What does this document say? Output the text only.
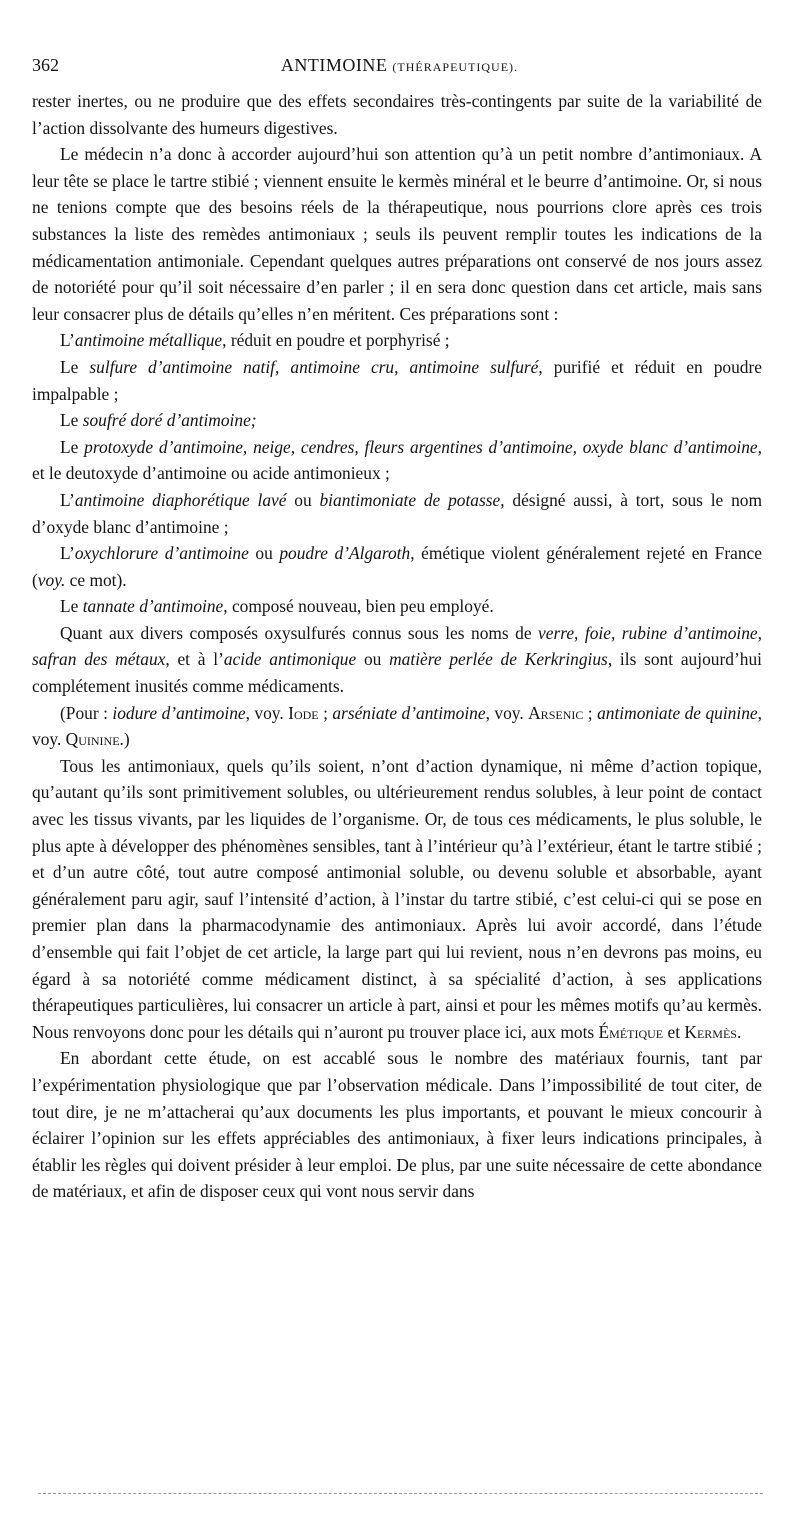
362	ANTIMOINE (THÉRAPEUTIQUE).

rester inertes, ou ne produire que des effets secondaires très-contingents par suite de la variabilité de l’action dissolvante des humeurs digestives.

Le médecin n’a donc à accorder aujourd’hui son attention qu’à un petit nombre d’antimoniaux. A leur tête se place le tartre stibié ; viennent ensuite le kermès minéral et le beurre d’antimoine. Or, si nous ne tenions compte que des besoins réels de la thérapeutique, nous pourrions clore après ces trois substances la liste des remèdes antimoniaux ; seuls ils peuvent remplir toutes les indications de la médicamentation antimoniale. Cependant quelques autres préparations ont conservé de nos jours assez de notoriété pour qu’il soit nécessaire d’en parler ; il en sera donc question dans cet article, mais sans leur consacrer plus de détails qu’elles n’en méritent. Ces préparations sont :

L’antimoine métallique, réduit en poudre et porphyrisé ;

Le sulfure d’antimoine natif, antimoine cru, antimoine sulfuré, purifié et réduit en poudre impalpable ;

Le soufré doré d’antimoine;

Le protoxyde d’antimoine, neige, cendres, fleurs argentines d’antimoine, oxyde blanc d’antimoine, et le deutoxyde d’antimoine ou acide antimonieux ;

L’antimoine diaphorétique lavé ou biantimoniate de potasse, désigné aussi, à tort, sous le nom d’oxyde blanc d’antimoine ;

L’oxychlorure d’antimoine ou poudre d’Algaroth, émétique violent généralement rejeté en France (voy. ce mot).

Le tannate d’antimoine, composé nouveau, bien peu employé.

Quant aux divers composés oxysulfurés connus sous les noms de verre, foie, rubine d’antimoine, safran des métaux, et à l’acide antimonique ou matière perlée de Kerkringius, ils sont aujourd’hui complétement inusités comme médicaments.

(Pour : iodure d’antimoine, voy. Iode ; arséniate d’antimoine, voy. Arsenic ; antimoniate de quinine, voy. Quinine.)

Tous les antimoniaux, quels qu’ils soient, n’ont d’action dynamique, ni même d’action topique, qu’autant qu’ils sont primitivement solubles, ou ultérieurement rendus solubles, à leur point de contact avec les tissus vivants, par les liquides de l’organisme. Or, de tous ces médicaments, le plus soluble, le plus apte à développer des phénomènes sensibles, tant à l’intérieur qu’à l’extérieur, étant le tartre stibié ; et d’un autre côté, tout autre composé antimonial soluble, ou devenu soluble et absorbable, ayant généralement paru agir, sauf l’intensité d’action, à l’instar du tartre stibié, c’est celui-ci qui se pose en premier plan dans la pharmacodynamie des antimoniaux. Après lui avoir accordé, dans l’étude d’ensemble qui fait l’objet de cet article, la large part qui lui revient, nous n’en devrons pas moins, eu égard à sa notoriété comme médicament distinct, à sa spécialité d’action, à ses applications thérapeutiques particulières, lui consacrer un article à part, ainsi et pour les mêmes motifs qu’au kermès. Nous renvoyons donc pour les détails qui n’auront pu trouver place ici, aux mots Émétique et Kermès.

En abordant cette étude, on est accablé sous le nombre des matériaux fournis, tant par l’expérimentation physiologique que par l’observation médicale. Dans l’impossibilité de tout citer, de tout dire, je ne m’attacherai qu’aux documents les plus importants, et pouvant le mieux concourir à éclairer l’opinion sur les effets appréciables des antimoniaux, à fixer leurs indications principales, à établir les règles qui doivent présider à leur emploi. De plus, par une suite nécessaire de cette abondance de matériaux, et afin de disposer ceux qui vont nous servir dans
